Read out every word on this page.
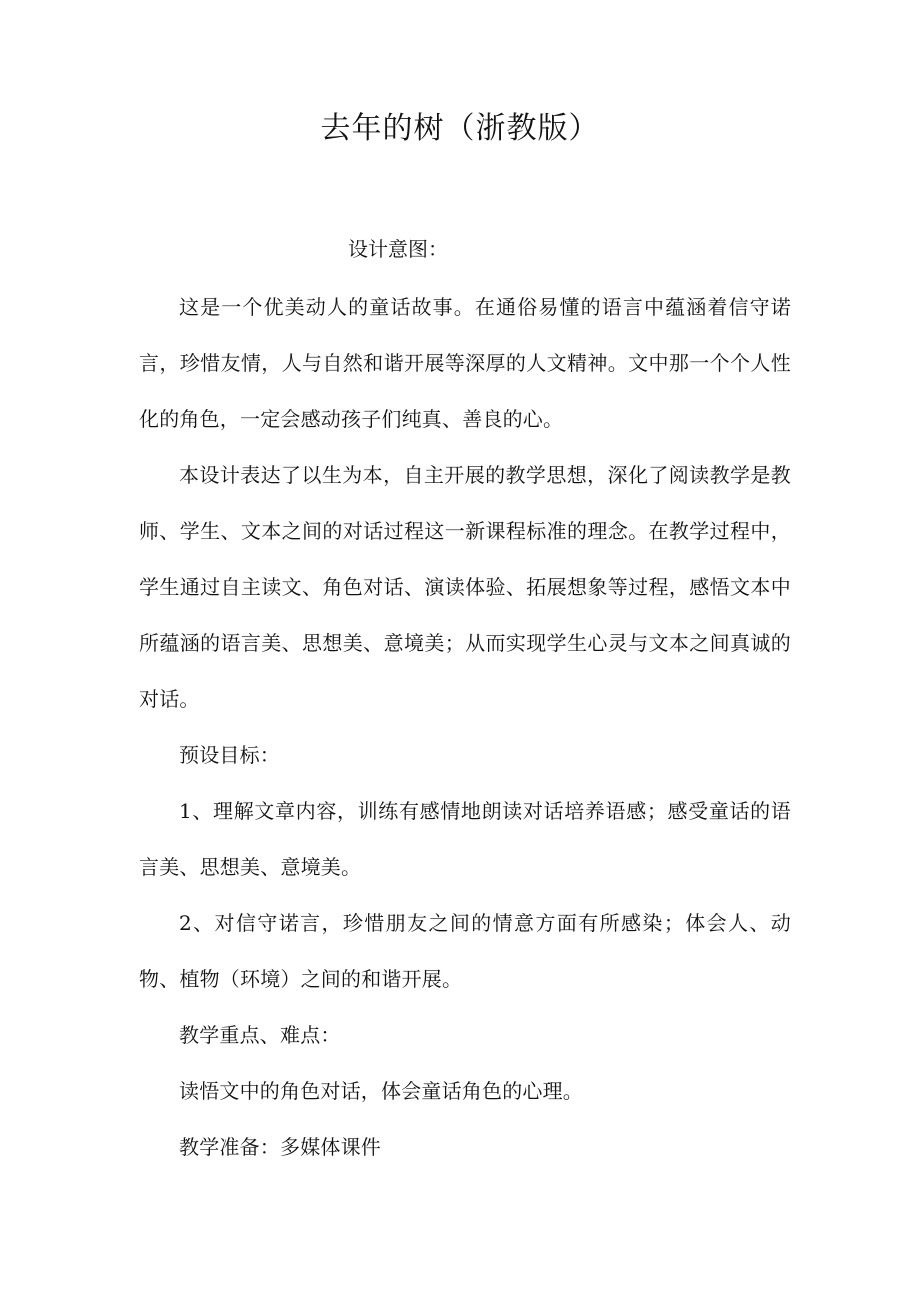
去年的树（浙教版）

设计意图：

这是一个优美动人的童话故事。在通俗易懂的语言中蕴涵着信守诺言，珍惜友情，人与自然和谐开展等深厚的人文精神。文中那一个个人性化的角色，一定会感动孩子们纯真、善良的心。

本设计表达了以生为本，自主开展的教学思想，深化了阅读教学是教师、学生、文本之间的对话过程这一新课程标准的理念。在教学过程中，学生通过自主读文、角色对话、演读体验、拓展想象等过程，感悟文本中所蕴涵的语言美、思想美、意境美；从而实现学生心灵与文本之间真诚的对话。

预设目标：

1、理解文章内容，训练有感情地朗读对话培养语感；感受童话的语言美、思想美、意境美。

2、对信守诺言，珍惜朋友之间的情意方面有所感染；体会人、动物、植物（环境）之间的和谐开展。

教学重点、难点：

读悟文中的角色对话，体会童话角色的心理。

教学准备：多媒体课件
